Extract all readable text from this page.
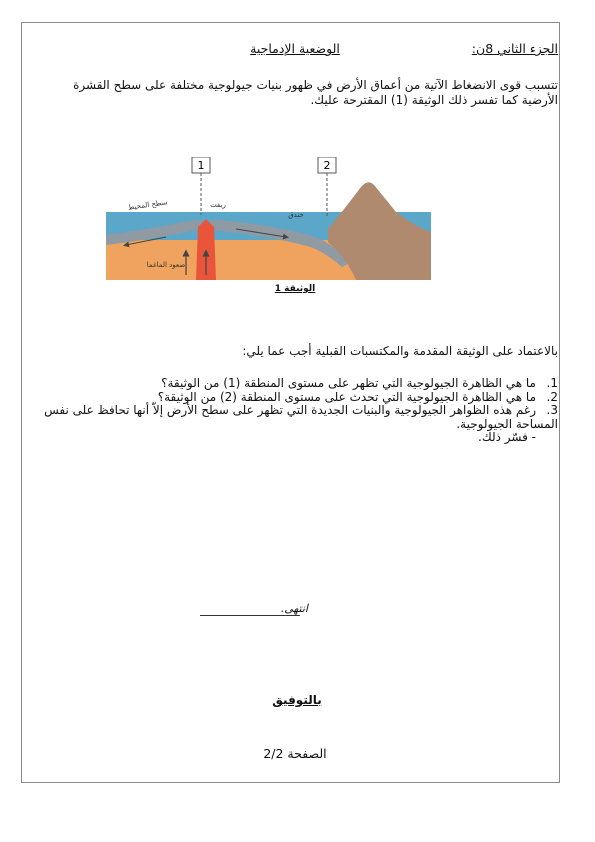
الجزء الثاني 8ن:
الوضعية الإدماجية
تتسبب قوى الانضغاط الآتية من أعماق الأرض في ظهور بنيات جيولوجية مختلفة على سطح القشرة الأرضية كما تفسر ذلك الوثيقة (1) المقترحة عليك.
1	2
سطح المحيط	ريفت
خندق
صعود الماغما
الوثيقة 1
بالاعتماد على الوثيقة المقدمة والمكتسبات القبلية أجب عما يلي:
1.ما هي الظاهرة الجيولوجية التي تظهر على مستوى المنطقة (1) من الوثيقة؟
2.ما هي الظاهرة الجيولوجية التي تحدث على مستوى المنطقة (2) من الوثيقة؟
3.رغم هذه الظواهر الجيولوجية والبنيات الجديدة التي تظهر على سطح الأرض إلاّ أنها تحافظ على نفس المساحة الجيولوجية.
- فسّر ذلك.
انتهى.
بالتوفيق
الصفحة 2/2
